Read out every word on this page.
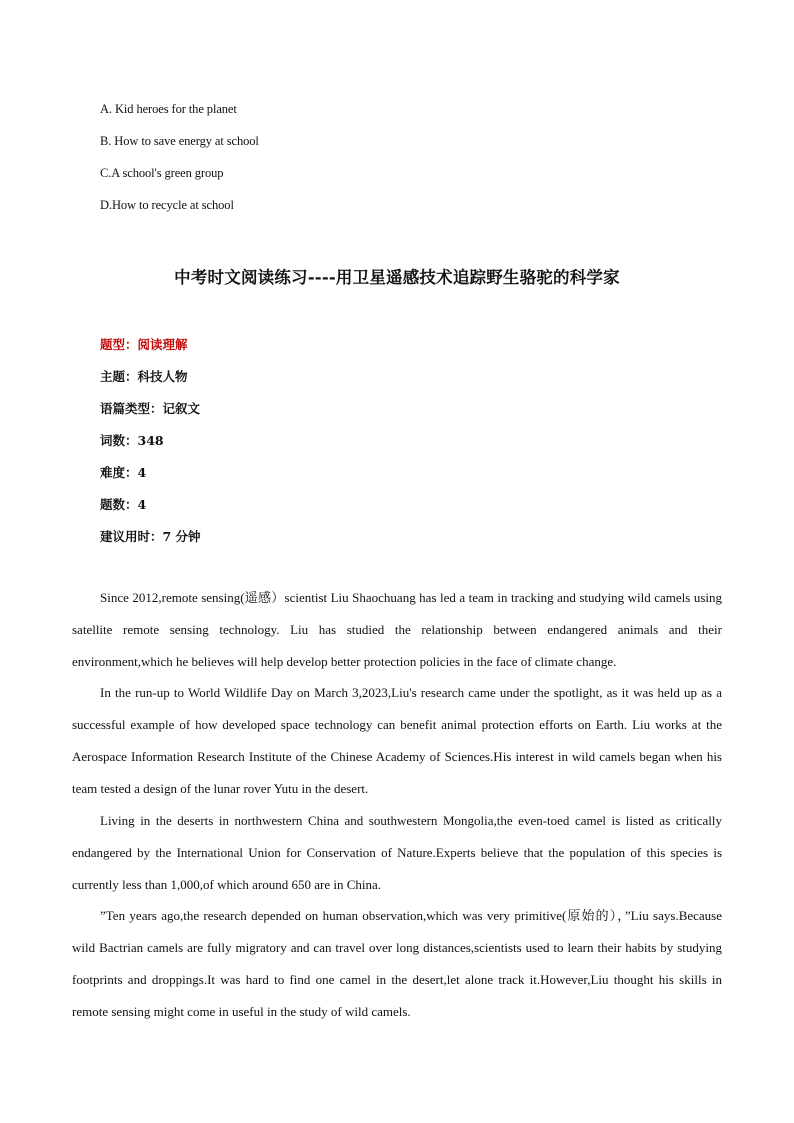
A. Kid heroes for the planet
B. How to save energy at school
C.A school's green group
D.How to recycle at school
中考时文阅读练习----用卫星遥感技术追踪野生骆驼的科学家
题型：阅读理解
主题：科技人物
语篇类型：记叙文
词数：348
难度：4
题数：4
建议用时：7 分钟

Since 2012,remote sensing(遥感）scientist Liu Shaochuang has led a team in tracking and studying wild camels using satellite remote sensing technology. Liu has studied the relationship between endangered animals and their environment,which he believes will help develop better protection policies in the face of climate change.

In the run-up to World Wildlife Day on March 3,2023,Liu's research came under the spotlight, as it was held up as a successful example of how developed space technology can benefit animal protection efforts on Earth. Liu works at the Aerospace Information Research Institute of the Chinese Academy of Sciences.His interest in wild camels began when his team tested a design of the lunar rover Yutu in the desert.

Living in the deserts in northwestern China and southwestern Mongolia,the even-toed camel is listed as critically endangered by the International Union for Conservation of Nature.Experts believe that the population of this species is currently less than 1,000,of which around 650 are in China.

”Ten years ago,the research depended on human observation,which was very primitive(原始的），”Liu says.Because wild Bactrian camels are fully migratory and can travel over long distances,scientists used to learn their habits by studying footprints and droppings.It was hard to find one camel in the desert,let alone track it.However,Liu thought his skills in remote sensing might come in useful in the study of wild camels.
